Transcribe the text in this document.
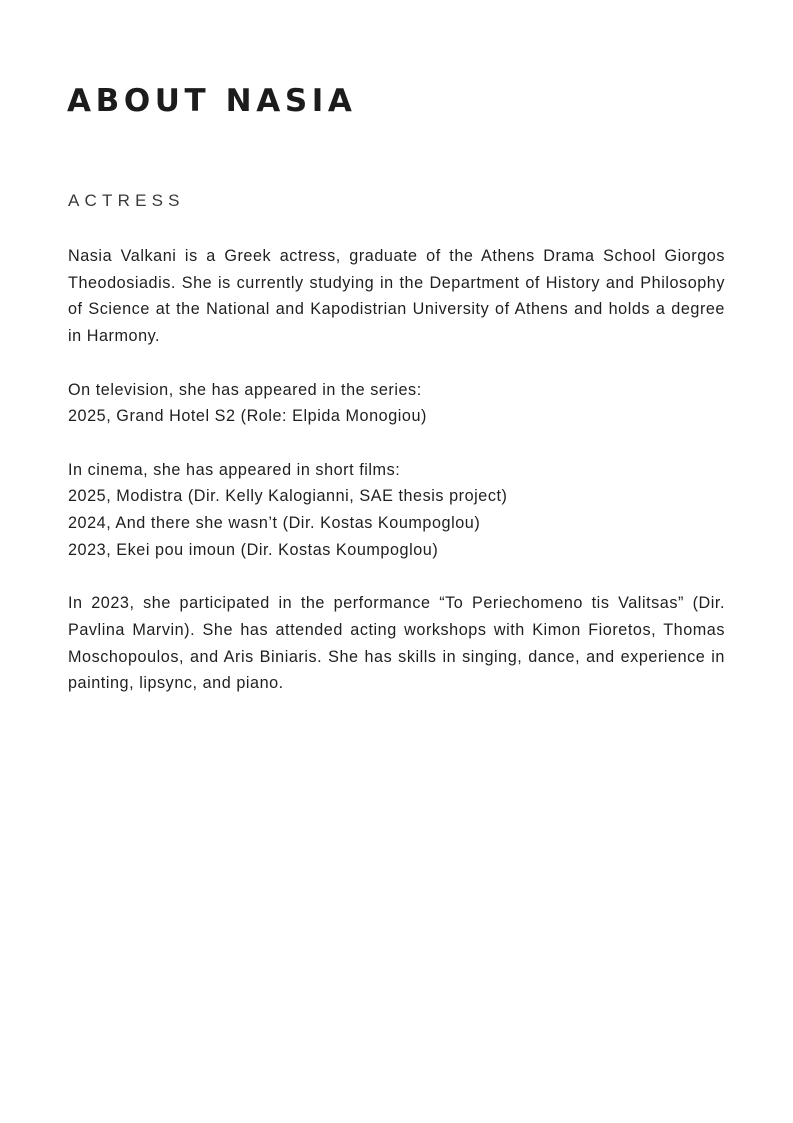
ABOUT NASIA
ACTRESS

Nasia Valkani is a Greek actress, graduate of the Athens Drama School Giorgos Theodosiadis. She is currently studying in the Department of History and Philosophy of Science at the National and Kapodistrian University of Athens and holds a degree in Harmony.

On television, she has appeared in the series:
2025, Grand Hotel S2 (Role: Elpida Monogiou)
In cinema, she has appeared in short films:
2025, Modistra (Dir. Kelly Kalogianni, SAE thesis project)
2024, And there she wasn’t (Dir. Kostas Koumpoglou)
2023, Ekei pou imoun (Dir. Kostas Koumpoglou)

In 2023, she participated in the performance “To Periechomeno tis Valitsas” (Dir. Pavlina Marvin). She has attended acting workshops with Kimon Fioretos, Thomas Moschopoulos, and Aris Biniaris. She has skills in singing, dance, and experience in painting, lipsync, and piano.
